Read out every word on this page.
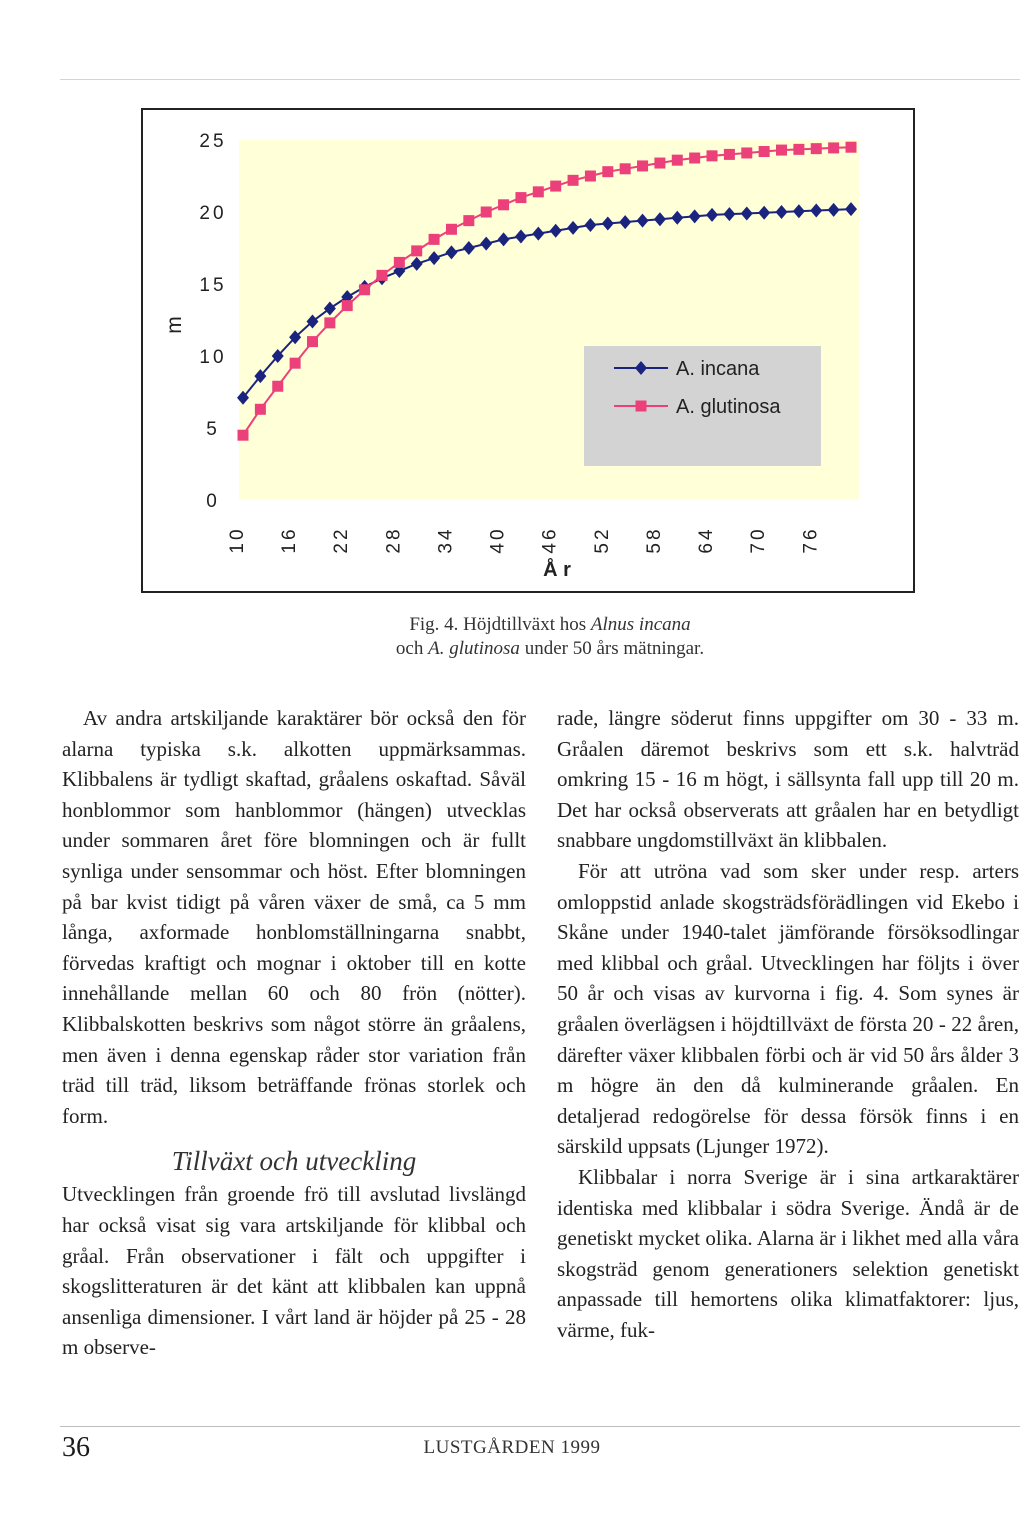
0
5
10
15
20
25
m
10 16 22 28 34 40 46 52 58 64 70 76
Å r
A. incana
A. glutinosa
Fig. 4. Höjdtillväxt hos Alnus incana
och A. glutinosa under 50 års mätningar.

Av andra artskiljande karaktärer bör också den för alarna typiska s.k. alkotten uppmärksammas. Klibbalens är tydligt skaftad, gråalens oskaftad. Såväl honblommor som hanblommor (hängen) utvecklas under sommaren året före blomningen och är fullt synliga under sensommar och höst. Efter blomningen på bar kvist tidigt på våren växer de små, ca 5 mm långa, axformade honblomställningarna snabbt, förvedas kraftigt och mognar i oktober till en kotte innehållande mellan 60 och 80 frön (nötter). Klibbalskotten beskrivs som något större än gråalens, men även i denna egenskap råder stor variation från träd till träd, liksom beträffande frönas storlek och form.

Tillväxt och utveckling

Utvecklingen från groende frö till avslutad livslängd har också visat sig vara artskiljande för klibbal och gråal. Från observationer i fält och uppgifter i skogslitteraturen är det känt att klibbalen kan uppnå ansenliga dimensioner. I vårt land är höjder på 25 - 28 m observe-

rade, längre söderut finns uppgifter om 30 - 33 m. Gråalen däremot beskrivs som ett s.k. halvträd omkring 15 - 16 m högt, i sällsynta fall upp till 20 m. Det har också observerats att gråalen har en betydligt snabbare ungdomstillväxt än klibbalen.

För att utröna vad som sker under resp. arters omloppstid anlade skogsträdsförädlingen vid Ekebo i Skåne under 1940-talet jämförande försöksodlingar med klibbal och gråal. Utvecklingen har följts i över 50 år och visas av kurvorna i fig. 4. Som synes är gråalen överlägsen i höjdtillväxt de första 20 - 22 åren, därefter växer klibbalen förbi och är vid 50 års ålder 3 m högre än den då kulminerande gråalen. En detaljerad redogörelse för dessa försök finns i en särskild uppsats (Ljunger 1972).

Klibbalar i norra Sverige är i sina artkaraktärer identiska med klibbalar i södra Sverige. Ändå är de genetiskt mycket olika. Alarna är i likhet med alla våra skogsträd genom generationers selektion genetiskt anpassade till hemortens olika klimatfaktorer: ljus, värme, fuk-

36	LUSTGÅRDEN 1999
